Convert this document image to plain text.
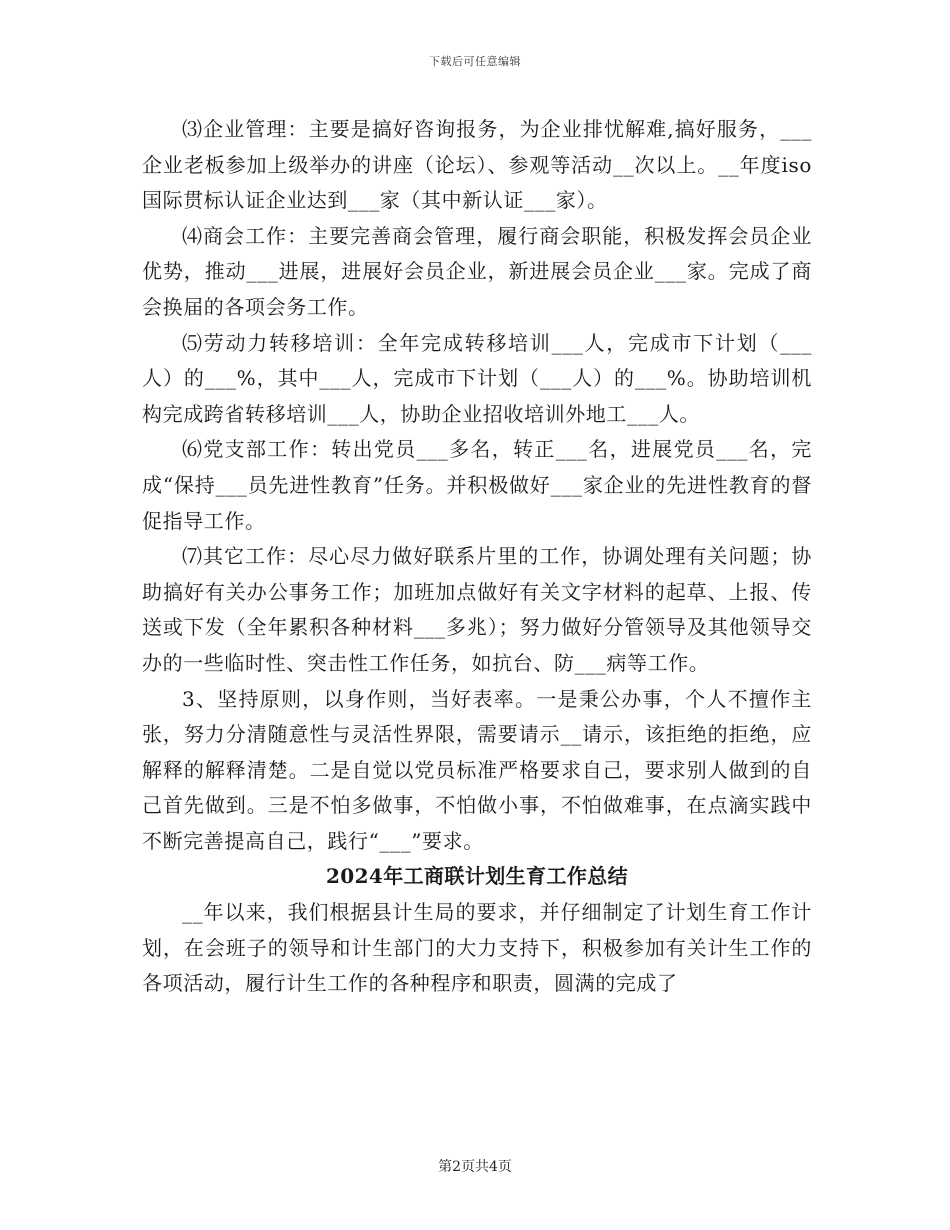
下载后可任意编辑

⑶企业管理：主要是搞好咨询报务，为企业排忧解难,搞好服务，___企业老板参加上级举办的讲座（论坛）、参观等活动__次以上。__年度iso国际贯标认证企业达到___家（其中新认证___家）。

⑷商会工作：主要完善商会管理，履行商会职能，积极发挥会员企业优势，推动___进展，进展好会员企业，新进展会员企业___家。完成了商会换届的各项会务工作。

⑸劳动力转移培训：全年完成转移培训___人，完成市下计划（___人）的___%，其中___人，完成市下计划（___人）的___%。协助培训机构完成跨省转移培训___人，协助企业招收培训外地工___人。

⑹党支部工作：转出党员___多名，转正___名，进展党员___名，完成“保持___员先进性教育”任务。并积极做好___家企业的先进性教育的督促指导工作。

⑺其它工作：尽心尽力做好联系片里的工作，协调处理有关问题；协助搞好有关办公事务工作；加班加点做好有关文字材料的起草、上报、传送或下发（全年累积各种材料___多兆）；努力做好分管领导及其他领导交办的一些临时性、突击性工作任务，如抗台、防___病等工作。

3、坚持原则，以身作则，当好表率。一是秉公办事，个人不擅作主张，努力分清随意性与灵活性界限，需要请示__请示，该拒绝的拒绝，应解释的解释清楚。二是自觉以党员标准严格要求自己，要求别人做到的自己首先做到。三是不怕多做事，不怕做小事，不怕做难事，在点滴实践中不断完善提高自己，践行“___”要求。

2024年工商联计划生育工作总结

__年以来，我们根据县计生局的要求，并仔细制定了计划生育工作计划，在会班子的领导和计生部门的大力支持下，积极参加有关计生工作的各项活动，履行计生工作的各种程序和职责，圆满的完成了

第2页共4页
